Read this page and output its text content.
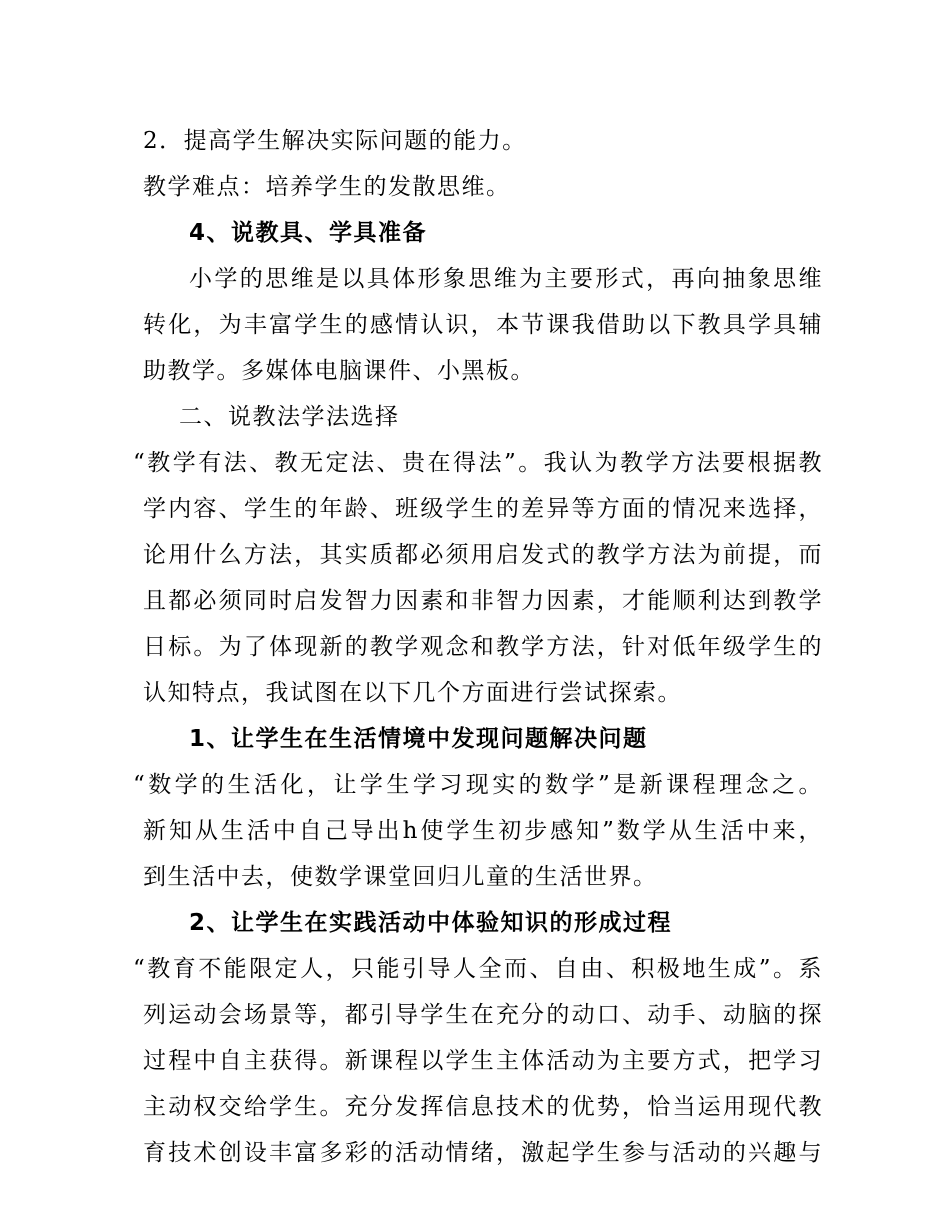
2．提高学生解决实际问题的能力。
教学难点：培养学生的发散思维。
4、说教具、学具准备
小学的思维是以具体形象思维为主要形式，再向抽象思维
转化，为丰富学生的感情认识，本节课我借助以下教具学具辅
助教学。多媒体电脑课件、小黑板。
二、说教法学法选择
“教学有法、教无定法、贵在得法”。我认为教学方法要根据教
学内容、学生的年龄、班级学生的差异等方面的情况来选择，
论用什么方法，其实质都必须用启发式的教学方法为前提，而
且都必须同时启发智力因素和非智力因素，才能顺利达到教学
日标。为了体现新的教学观念和教学方法，针对低年级学生的
认知特点，我试图在以下几个方面进行尝试探索。
1、让学生在生活情境中发现问题解决问题
“数学的生活化，让学生学习现实的数学”是新课程理念之。
新知从生活中自己导出h使学生初步感知”数学从生活中来，
到生活中去，使数学课堂回归儿童的生活世界。
2、让学生在实践活动中体验知识的形成过程
“教育不能限定人，只能引导人全而、自由、积极地生成”。系
列运动会场景等，都引导学生在充分的动口、动手、动脑的探
过程中自主获得。新课程以学生主体活动为主要方式，把学习
主动权交给学生。充分发挥信息技术的优势，恰当运用现代教
育技术创设丰富多彩的活动情绪，激起学生参与活动的兴趣与
